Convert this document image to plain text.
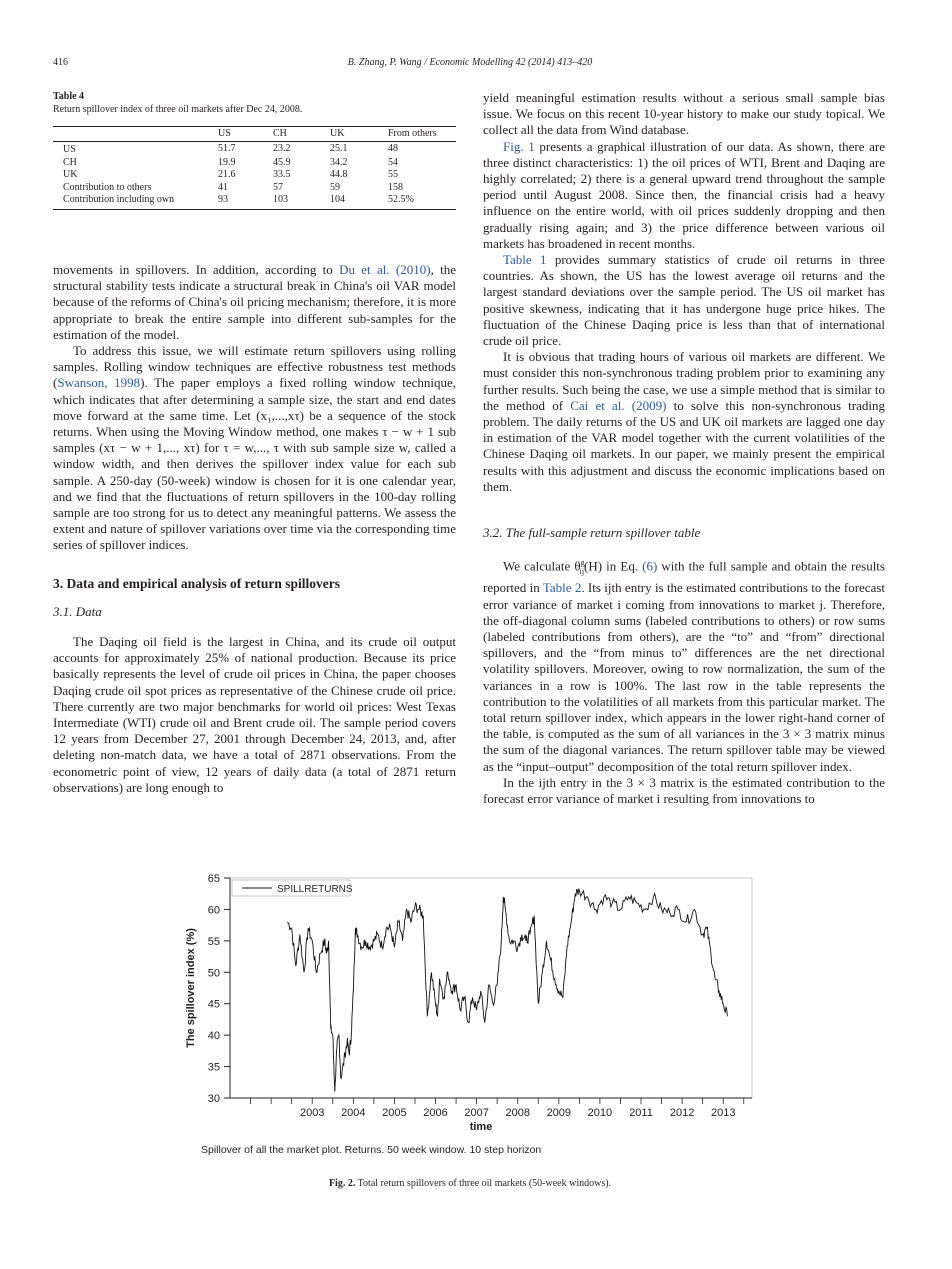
416	B. Zhang, P. Wang / Economic Modelling 42 (2014) 413–420
Table 4
Return spillover index of three oil markets after Dec 24, 2008.
	US	CH	UK	From others
US	51.7	23.2	25.1	48
CH	19.9	45.9	34.2	54
UK	21.6	33.5	44.8	55
Contribution to others	41	57	59	158
Contribution including own	93	103	104	52.5%

movements in spillovers. In addition, according to Du et al. (2010), the structural stability tests indicate a structural break in China's oil VAR model because of the reforms of China's oil pricing mechanism; therefore, it is more appropriate to break the entire sample into different sub-samples for the estimation of the model.

To address this issue, we will estimate return spillovers using rolling samples. Rolling window techniques are effective robustness test methods (Swanson, 1998). The paper employs a fixed rolling window technique, which indicates that after determining a sample size, the start and end dates move forward at the same time. Let (x₁,...,xτ) be a sequence of the stock returns. When using the Moving Window method, one makes τ − w + 1 sub samples (xτ − w + 1,..., xτ) for τ = w,..., τ with sub sample size w, called a window width, and then derives the spillover index value for each sub sample. A 250-day (50-week) window is chosen for it is one calendar year, and we find that the fluctuations of return spillovers in the 100-day rolling sample are too strong for us to detect any meaningful patterns. We assess the extent and nature of spillover variations over time via the corresponding time series of spillover indices.

3. Data and empirical analysis of return spillovers

3.1. Data

The Daqing oil field is the largest in China, and its crude oil output accounts for approximately 25% of national production. Because its price basically represents the level of crude oil prices in China, the paper chooses Daqing crude oil spot prices as representative of the Chinese crude oil price. There currently are two major benchmarks for world oil prices: West Texas Intermediate (WTI) crude oil and Brent crude oil. The sample period covers 12 years from December 27, 2001 through December 24, 2013, and, after deleting non-match data, we have a total of 2871 observations. From the econometric point of view, 12 years of daily data (a total of 2871 return observations) are long enough to

yield meaningful estimation results without a serious small sample bias issue. We focus on this recent 10-year history to make our study topical. We collect all the data from Wind database.

Fig. 1 presents a graphical illustration of our data. As shown, there are three distinct characteristics: 1) the oil prices of WTI, Brent and Daqing are highly correlated; 2) there is a general upward trend throughout the sample period until August 2008. Since then, the financial crisis had a heavy influence on the entire world, with oil prices suddenly dropping and then gradually rising again; and 3) the price difference between various oil markets has broadened in recent months.

Table 1 provides summary statistics of crude oil returns in three countries. As shown, the US has the lowest average oil returns and the largest standard deviations over the sample period. The US oil market has positive skewness, indicating that it has undergone huge price hikes. The fluctuation of the Chinese Daqing price is less than that of international crude oil price.

It is obvious that trading hours of various oil markets are different. We must consider this non-synchronous trading problem prior to examining any further results. Such being the case, we use a simple method that is similar to the method of Cai et al. (2009) to solve this non-synchronous trading problem. The daily returns of the US and UK oil markets are lagged one day in estimation of the VAR model together with the current volatilities of the Chinese Daqing oil markets. In our paper, we mainly present the empirical results with this adjustment and discuss the economic implications based on them.

3.2. The full-sample return spillover table

We calculate $\theta^g_{ij}(H)$ in Eq. (6) with the full sample and obtain the results reported in Table 2. Its ijth entry is the estimated contributions to the forecast error variance of market i coming from innovations to market j. Therefore, the off-diagonal column sums (labeled contributions to others) or row sums (labeled contributions from others), are the “to” and “from” directional spillovers, and the “from minus to” differences are the net directional volatility spillovers. Moreover, owing to row normalization, the sum of the variances in a row is 100%. The last row in the table represents the contribution to the volatilities of all markets from this particular market. The total return spillover index, which appears in the lower right-hand corner of the table, is computed as the sum of all variances in the 3 × 3 matrix minus the sum of the diagonal variances. The return spillover table may be viewed as the “input–output” decomposition of the total return spillover index.

In the ijth entry in the 3 × 3 matrix is the estimated contribution to the forecast error variance of market i resulting from innovations to

30
35
40
45
50
55
60
65
2003 2004 2005 2006 2007 2008 2009 2010 2011 2012 2013
time
The spillover index (%)
SPILLRETURNS
Spillover of all the market plot. Returns. 50 week window. 10 step horizon
Fig. 2. Total return spillovers of three oil markets (50-week windows).
